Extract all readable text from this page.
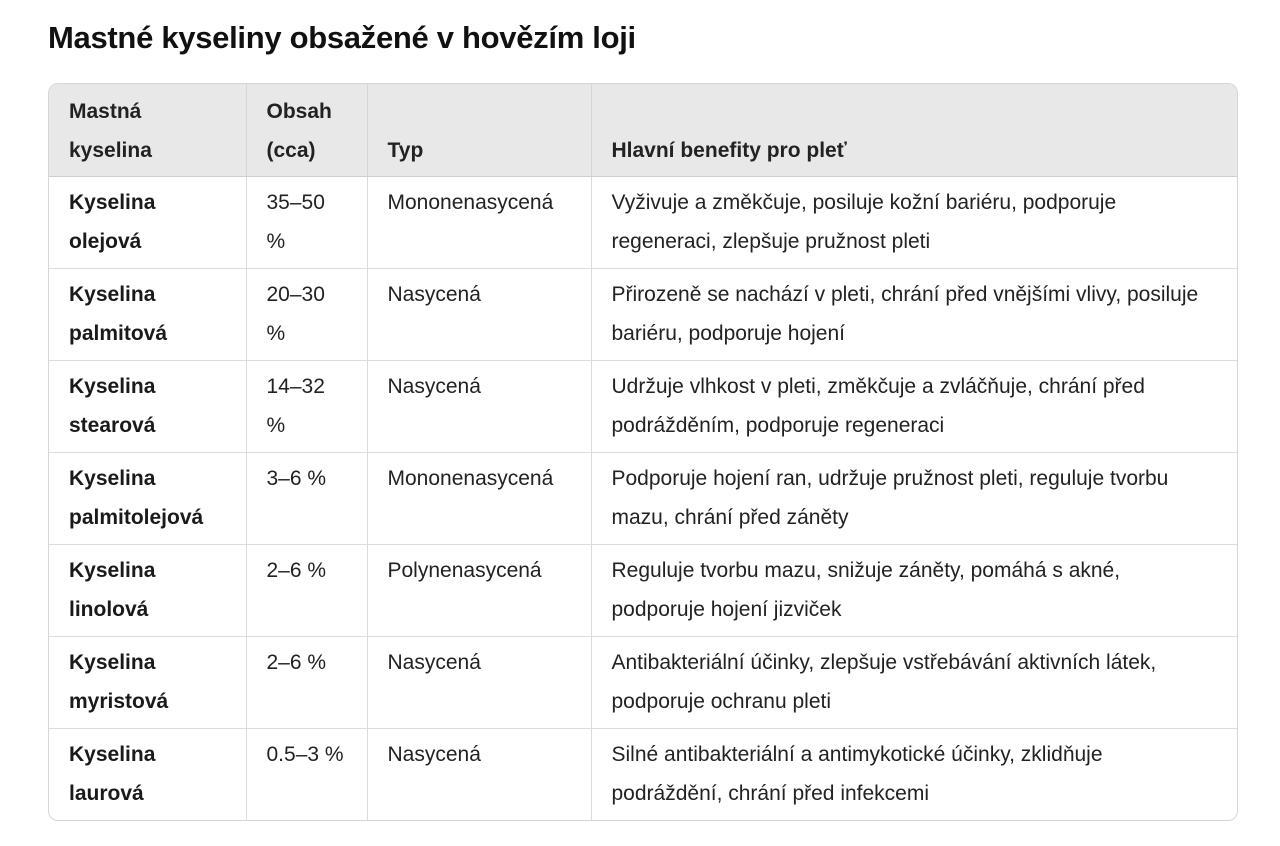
Mastné kyseliny obsažené v hovězím loji
Mastná kyselina	Obsah (cca)	Typ	Hlavní benefity pro pleť
Kyselina olejová	35–50 %	Mononenasycená	Vyživuje a změkčuje, posiluje kožní bariéru, podporuje regeneraci, zlepšuje pružnost pleti
Kyselina palmitová	20–30 %	Nasycená	Přirozeně se nachází v pleti, chrání před vnějšími vlivy, posiluje bariéru, podporuje hojení
Kyselina stearová	14–32 %	Nasycená	Udržuje vlhkost v pleti, změkčuje a zvláčňuje, chrání před podrážděním, podporuje regeneraci
Kyselina palmitolejová	3–6 %	Mononenasycená	Podporuje hojení ran, udržuje pružnost pleti, reguluje tvorbu mazu, chrání před záněty
Kyselina linolová	2–6 %	Polynenasycená	Reguluje tvorbu mazu, snižuje záněty, pomáhá s akné, podporuje hojení jizviček
Kyselina myristová	2–6 %	Nasycená	Antibakteriální účinky, zlepšuje vstřebávání aktivních látek, podporuje ochranu pleti
Kyselina laurová	0.5–3 %	Nasycená	Silné antibakteriální a antimykotické účinky, zklidňuje podráždění, chrání před infekcemi
